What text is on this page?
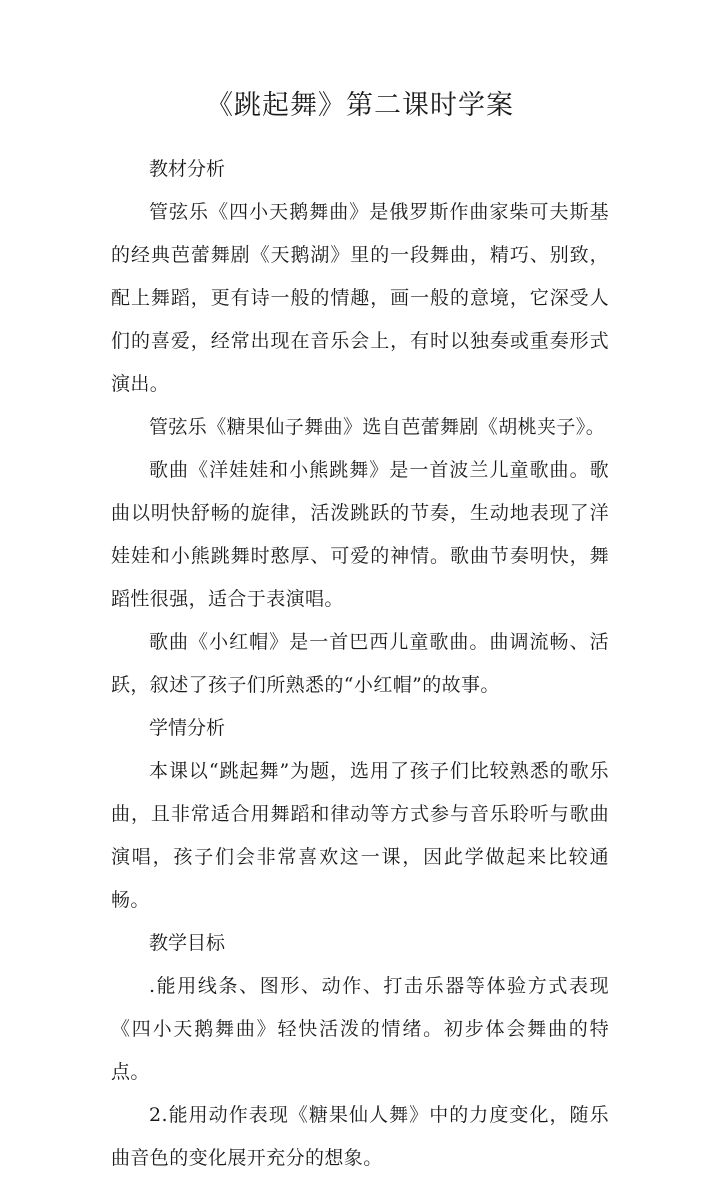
《跳起舞》第二课时学案

教材分析

管弦乐《四小天鹅舞曲》是俄罗斯作曲家柴可夫斯基的经典芭蕾舞剧《天鹅湖》里的一段舞曲，精巧、别致，配上舞蹈，更有诗一般的情趣，画一般的意境，它深受人们的喜爱，经常出现在音乐会上，有时以独奏或重奏形式演出。

管弦乐《糖果仙子舞曲》选自芭蕾舞剧《胡桃夹子》。

歌曲《洋娃娃和小熊跳舞》是一首波兰儿童歌曲。歌曲以明快舒畅的旋律，活泼跳跃的节奏，生动地表现了洋娃娃和小熊跳舞时憨厚、可爱的神情。歌曲节奏明快，舞蹈性很强，适合于表演唱。

歌曲《小红帽》是一首巴西儿童歌曲。曲调流畅、活跃，叙述了孩子们所熟悉的“小红帽”的故事。

学情分析

本课以“跳起舞”为题，选用了孩子们比较熟悉的歌乐曲，且非常适合用舞蹈和律动等方式参与音乐聆听与歌曲演唱，孩子们会非常喜欢这一课，因此学做起来比较通畅。

教学目标

.能用线条、图形、动作、打击乐器等体验方式表现《四小天鹅舞曲》轻快活泼的情绪。初步体会舞曲的特点。

2.能用动作表现《糖果仙人舞》中的力度变化，随乐曲音色的变化展开充分的想象。
